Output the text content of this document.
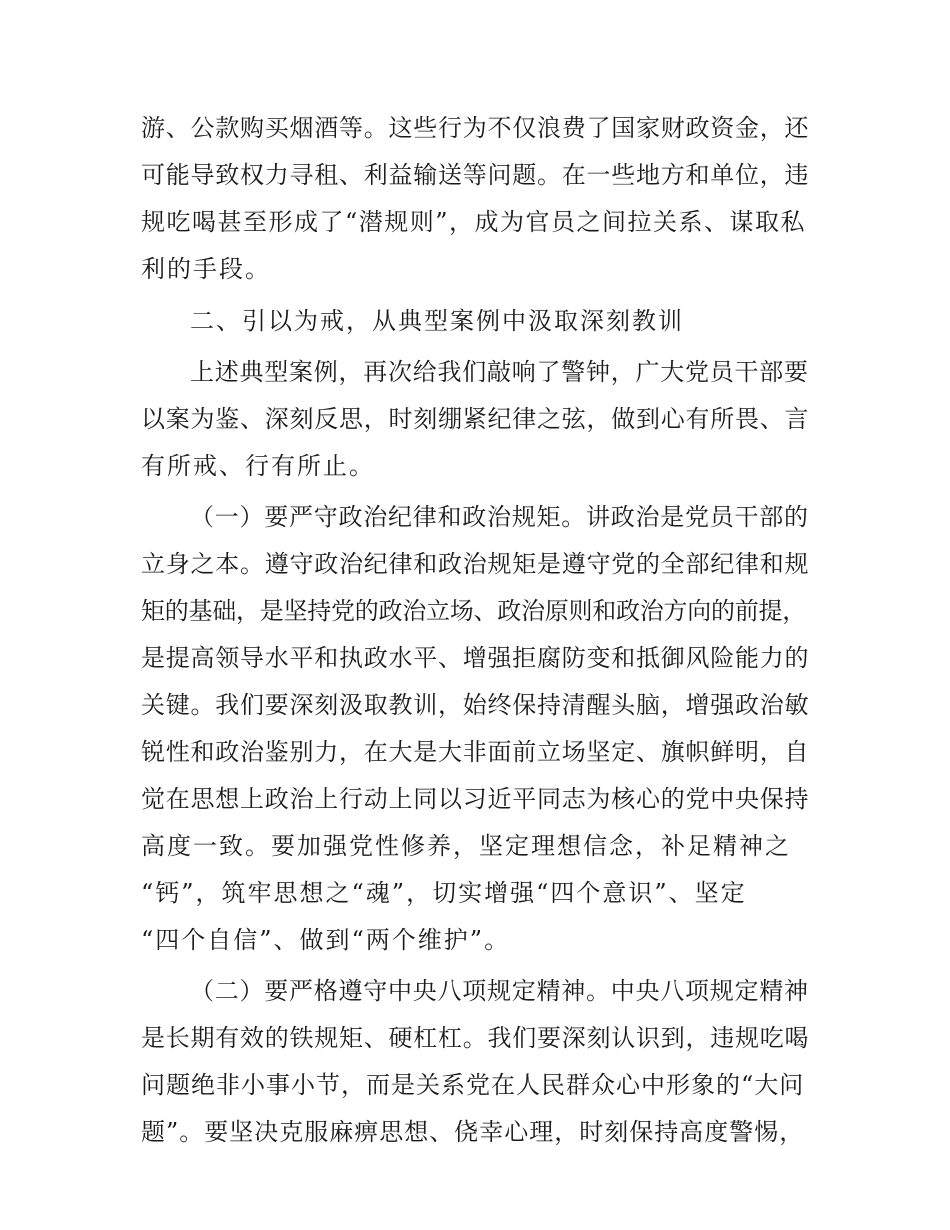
游、公款购买烟酒等。这些行为不仅浪费了国家财政资金，还
可能导致权力寻租、利益输送等问题。在一些地方和单位，违
规吃喝甚至形成了“潜规则”，成为官员之间拉关系、谋取私
利的手段。
二、引以为戒，从典型案例中汲取深刻教训
上述典型案例，再次给我们敲响了警钟，广大党员干部要
以案为鉴、深刻反思，时刻绷紧纪律之弦，做到心有所畏、言
有所戒、行有所止。
（一）要严守政治纪律和政治规矩。讲政治是党员干部的
立身之本。遵守政治纪律和政治规矩是遵守党的全部纪律和规
矩的基础，是坚持党的政治立场、政治原则和政治方向的前提，
是提高领导水平和执政水平、增强拒腐防变和抵御风险能力的
关键。我们要深刻汲取教训，始终保持清醒头脑，增强政治敏
锐性和政治鉴别力，在大是大非面前立场坚定、旗帜鲜明，自
觉在思想上政治上行动上同以习近平同志为核心的党中央保持
高度一致。要加强党性修养，坚定理想信念，补足精神之
“钙”，筑牢思想之“魂”，切实增强“四个意识”、坚定
“四个自信”、做到“两个维护”。
（二）要严格遵守中央八项规定精神。中央八项规定精神
是长期有效的铁规矩、硬杠杠。我们要深刻认识到，违规吃喝
问题绝非小事小节，而是关系党在人民群众心中形象的“大问
题”。要坚决克服麻痹思想、侥幸心理，时刻保持高度警惕，
